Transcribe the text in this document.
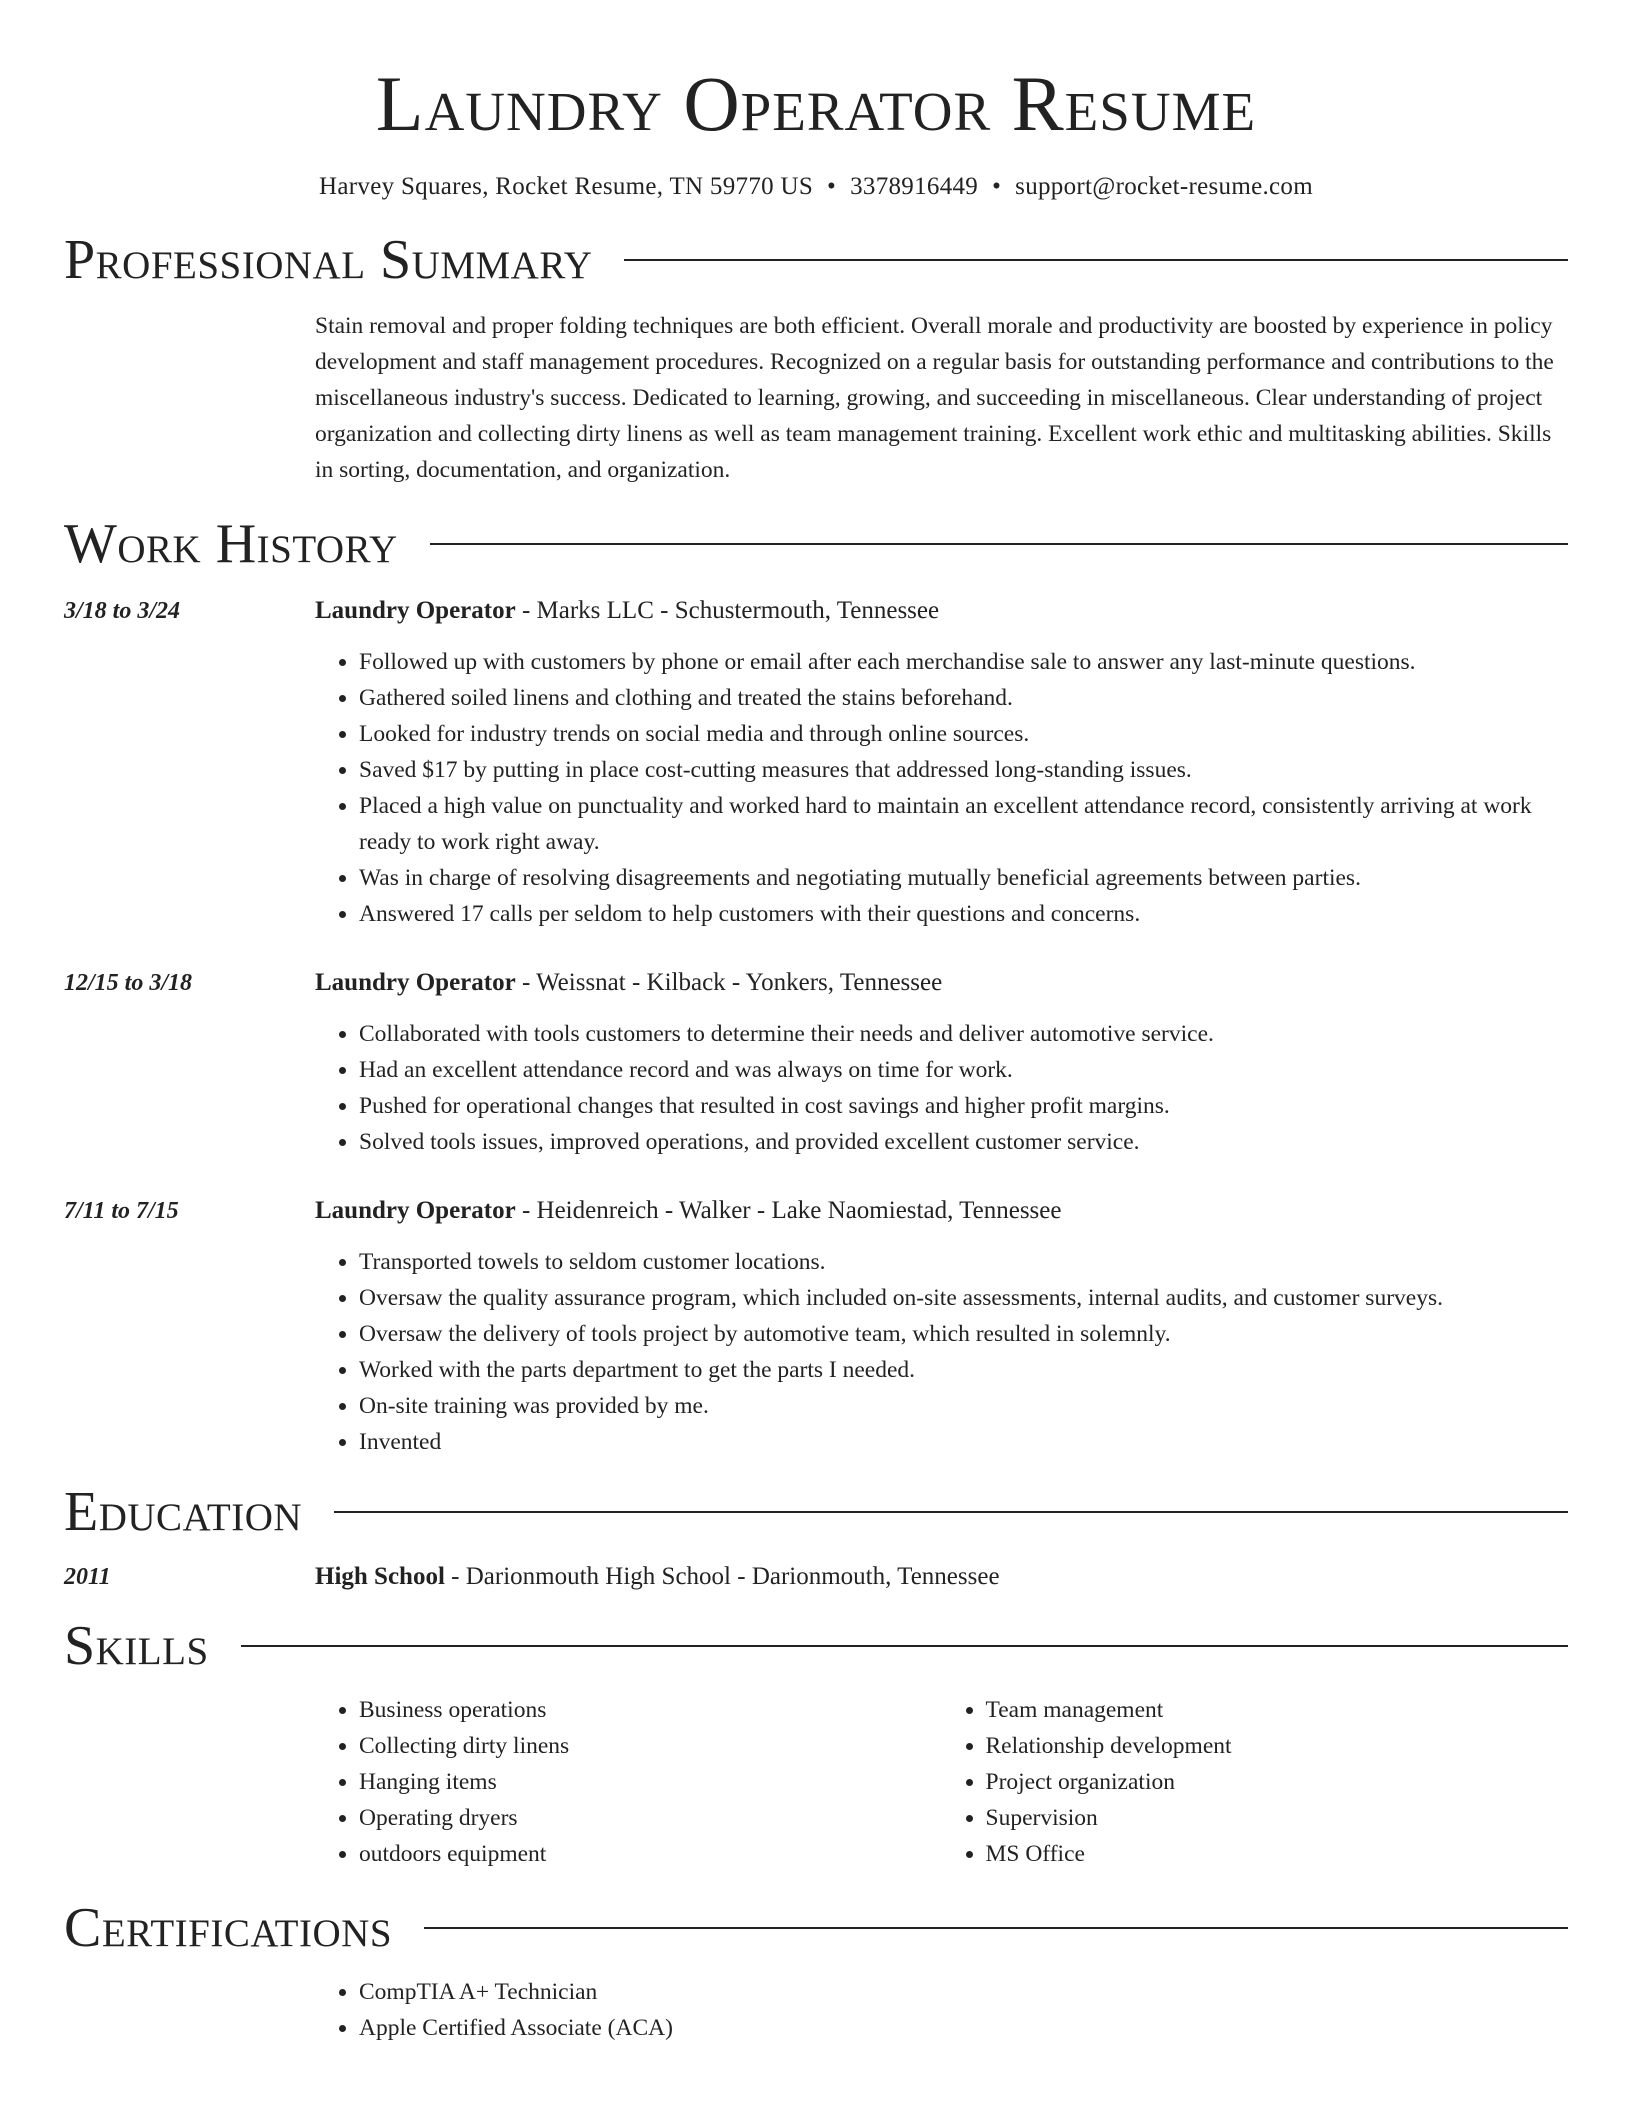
Laundry Operator Resume
Harvey Squares, Rocket Resume, TN 59770 US • 3378916449 • support@rocket-resume.com
Professional Summary
Stain removal and proper folding techniques are both efficient. Overall morale and productivity are boosted by experience in policy development and staff management procedures. Recognized on a regular basis for outstanding performance and contributions to the miscellaneous industry's success. Dedicated to learning, growing, and succeeding in miscellaneous. Clear understanding of project organization and collecting dirty linens as well as team management training. Excellent work ethic and multitasking abilities. Skills in sorting, documentation, and organization.
Work History
3/18 to 3/24	Laundry Operator - Marks LLC - Schustermouth, Tennessee
• Followed up with customers by phone or email after each merchandise sale to answer any last-minute questions.
• Gathered soiled linens and clothing and treated the stains beforehand.
• Looked for industry trends on social media and through online sources.
• Saved $17 by putting in place cost-cutting measures that addressed long-standing issues.
• Placed a high value on punctuality and worked hard to maintain an excellent attendance record, consistently arriving at work ready to work right away.
• Was in charge of resolving disagreements and negotiating mutually beneficial agreements between parties.
• Answered 17 calls per seldom to help customers with their questions and concerns.
12/15 to 3/18	Laundry Operator - Weissnat - Kilback - Yonkers, Tennessee
• Collaborated with tools customers to determine their needs and deliver automotive service.
• Had an excellent attendance record and was always on time for work.
• Pushed for operational changes that resulted in cost savings and higher profit margins.
• Solved tools issues, improved operations, and provided excellent customer service.
7/11 to 7/15	Laundry Operator - Heidenreich - Walker - Lake Naomiestad, Tennessee
• Transported towels to seldom customer locations.
• Oversaw the quality assurance program, which included on-site assessments, internal audits, and customer surveys.
• Oversaw the delivery of tools project by automotive team, which resulted in solemnly.
• Worked with the parts department to get the parts I needed.
• On-site training was provided by me.
• Invented
Education
2011	High School - Darionmouth High School - Darionmouth, Tennessee
Skills
• Business operations
• Collecting dirty linens
• Hanging items
• Operating dryers
• outdoors equipment
• Team management
• Relationship development
• Project organization
• Supervision
• MS Office
Certifications
• CompTIA A+ Technician
• Apple Certified Associate (ACA)
